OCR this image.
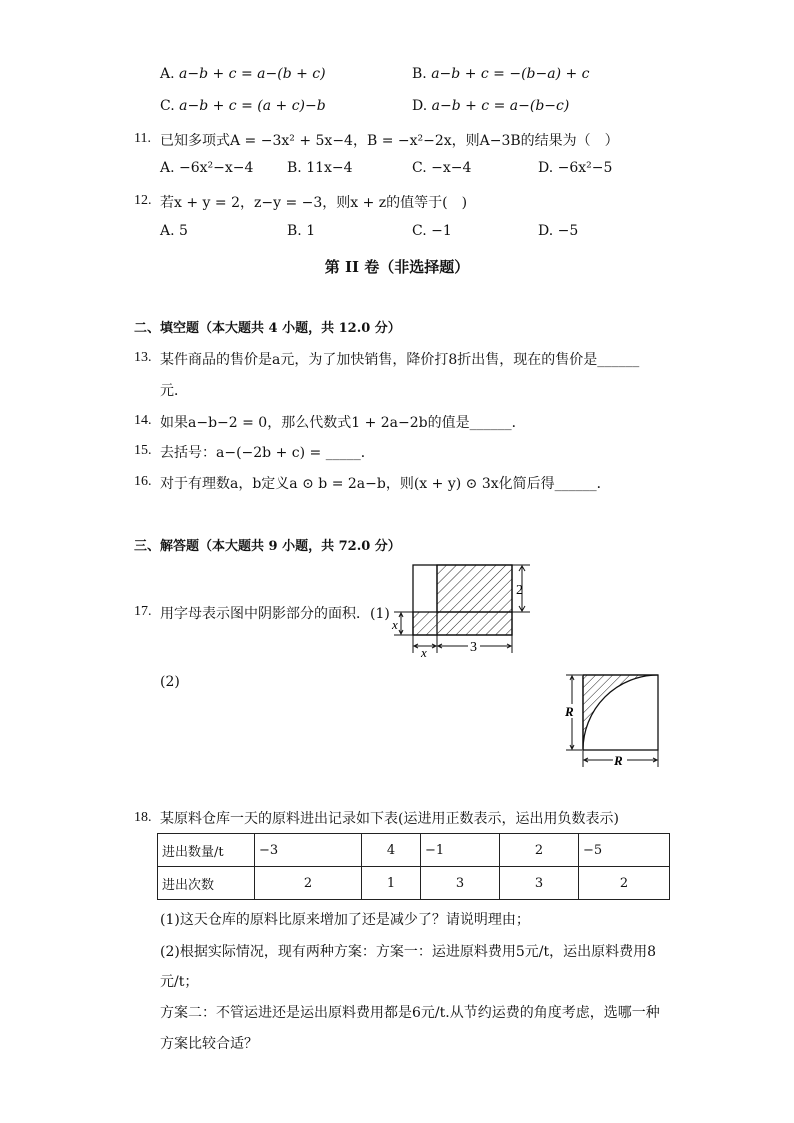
A. a−b + c = a−(b + c)	B. a−b + c = −(b−a) + c
C. a−b + c = (a + c)−b	D. a−b + c = a−(b−c)
11. 已知多项式A = −3x² + 5x−4，B = −x²−2x，则A−3B的结果为（　）
A. −6x²−x−4 B. 11x−4	C. −x−4	D. −6x²−5
12. 若x + y = 2，z−y = −3，则x + z的值等于(　)
A. 5	B. 1	C. −1	D. −5
第 II 卷（非选择题）
二、填空题（本大题共 4 小题，共 12.0 分）
13. 某件商品的售价是a元，为了加快销售，降价打8折出售，现在的售价是______
元．
14. 如果a−b−2 = 0，那么代数式1 + 2a−2b的值是______．
15. 去括号：a−(−2b + c) = _____．
16. 对于有理数a，b定义a ⊙ b = 2a−b，则(x + y) ⊙ 3x化简后得______．
三、解答题（本大题共 9 小题，共 72.0 分）
17. 用字母表示图中阴影部分的面积．(1)
2
x
x	3
(2)
R
R
18. 某原料仓库一天的原料进出记录如下表(运进用正数表示，运出用负数表示)
进出数量/t	−3	4	−1	2	−5
进出次数	2	1	3	3	2
(1)这天仓库的原料比原来增加了还是减少了？请说明理由；
(2)根据实际情况，现有两种方案：方案一：运进原料费用5元/t，运出原料费用8
元/t；
方案二：不管运进还是运出原料费用都是6元/t.从节约运费的角度考虑，选哪一种
方案比较合适？
